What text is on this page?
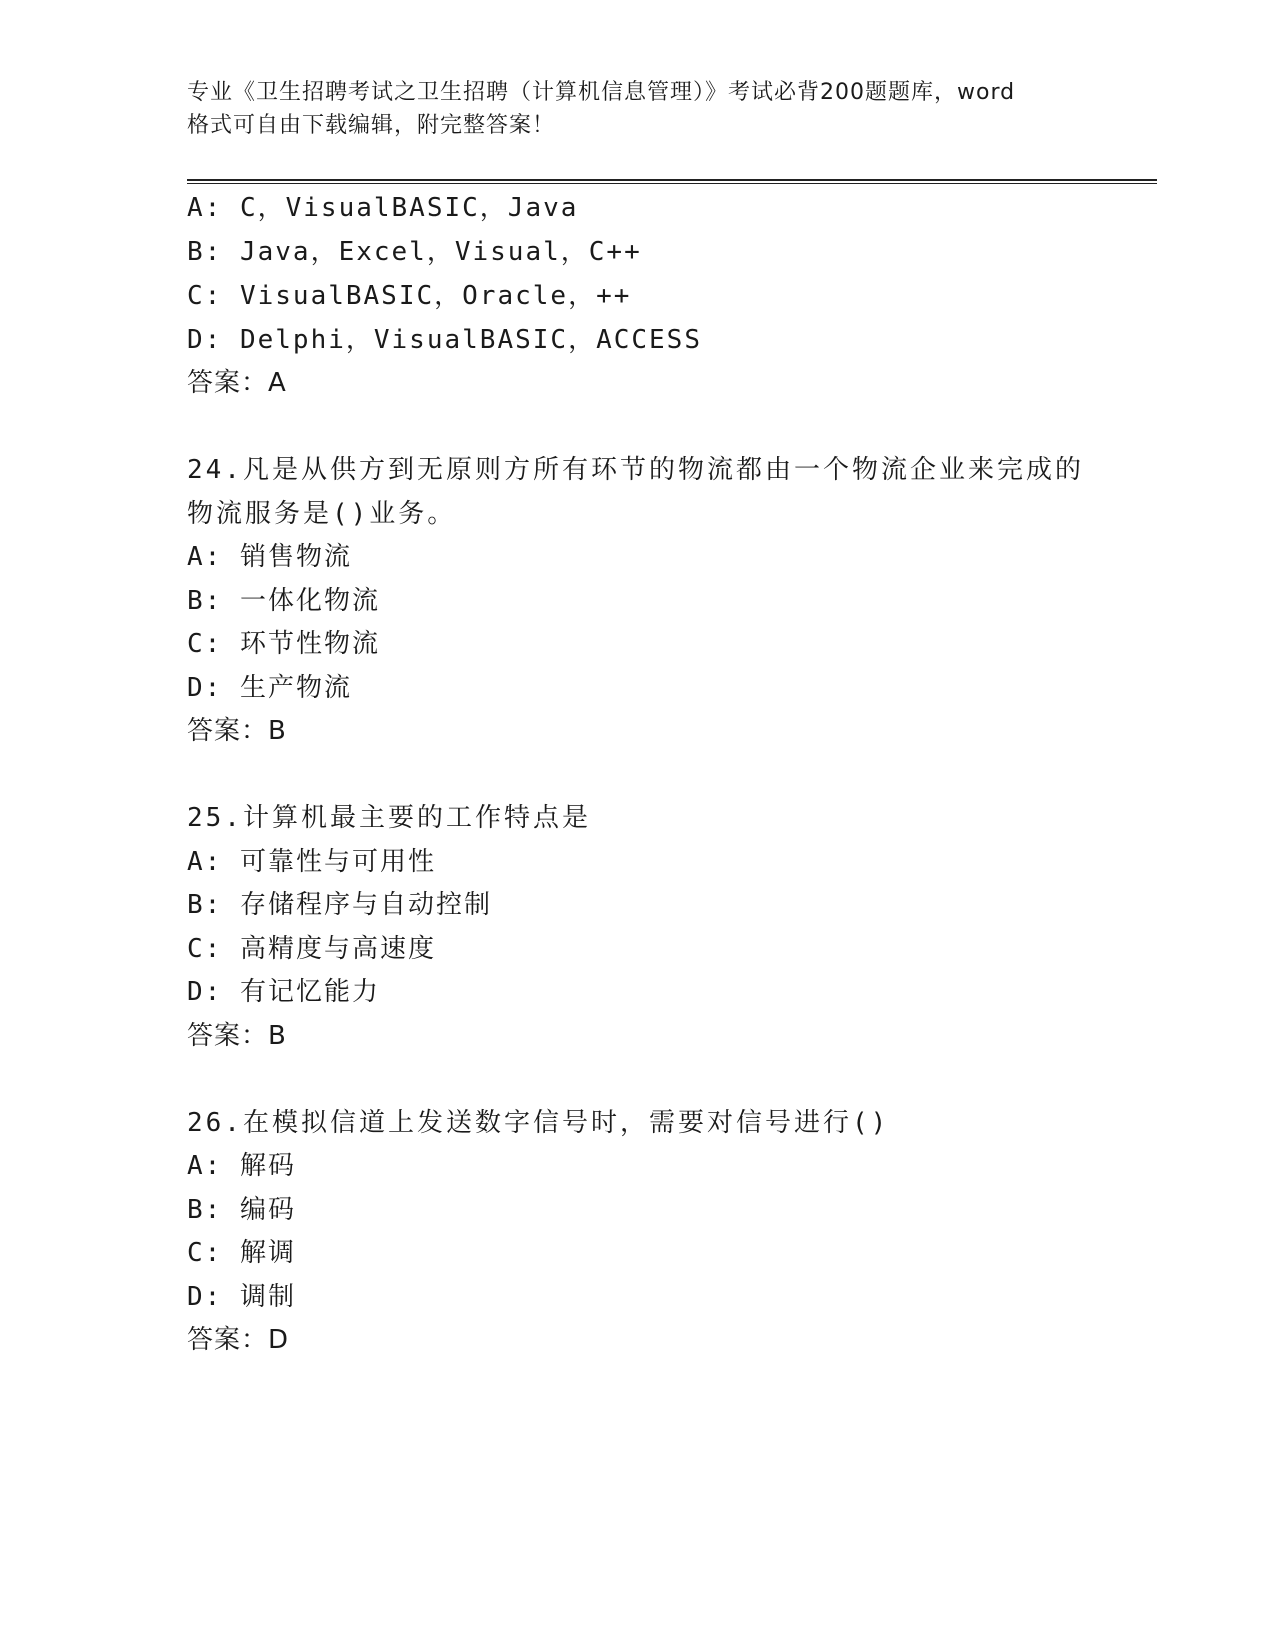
专业《卫生招聘考试之卫生招聘（计算机信息管理）》考试必背200题题库，word
格式可自由下载编辑，附完整答案！
A: C，VisualBASIC，Java
B: Java，Excel，Visual，C++
C: VisualBASIC，Oracle，++
D: Delphi，VisualBASIC，ACCESS
答案：A
24.凡是从供方到无原则方所有环节的物流都由一个物流企业来完成的
物流服务是()业务。
A: 销售物流
B: 一体化物流
C: 环节性物流
D: 生产物流
答案：B
25.计算机最主要的工作特点是
A: 可靠性与可用性
B: 存储程序与自动控制
C: 高精度与高速度
D: 有记忆能力
答案：B
26.在模拟信道上发送数字信号时，需要对信号进行()
A: 解码
B: 编码
C: 解调
D: 调制
答案：D
